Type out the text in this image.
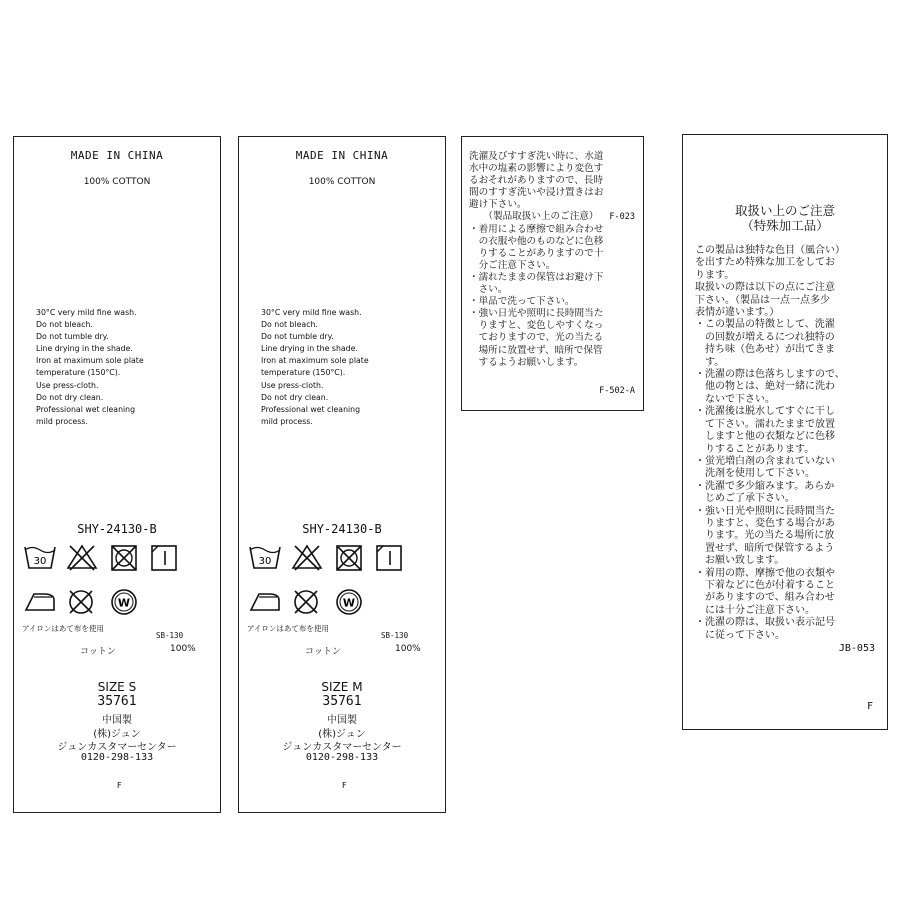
MADE IN CHINA
100% COTTON
30°C very mild fine wash.
Do not bleach.
Do not tumble dry.
Line drying in the shade.
Iron at maximum sole plate
temperature (150°C).
Use press-cloth.
Do not dry clean.
Professional wet cleaning
mild process.
SHY-24130-B
30
W
アイロンはあて布を使用
SB-130
コットン	100%
SIZE S
35761
中国製
(株)ジュン
ジュンカスタマーセンター
0120-298-133
F
MADE IN CHINA
100% COTTON
30°C very mild fine wash.
Do not bleach.
Do not tumble dry.
Line drying in the shade.
Iron at maximum sole plate
temperature (150°C).
Use press-cloth.
Do not dry clean.
Professional wet cleaning
mild process.
SHY-24130-B
30
W
アイロンはあて布を使用
SB-130
コットン	100%
SIZE M
35761
中国製
(株)ジュン
ジュンカスタマーセンター
0120-298-133
F
洗濯及びすすぎ洗い時に、水道
水中の塩素の影響により変色す
るおそれがありますので、長時
間のすすぎ洗いや浸け置きはお
避け下さい。
　　（製品取扱い上のご注意）
・着用による摩擦で組み合わせ
　の衣服や他のものなどに色移
　りすることがありますので十
　分ご注意下さい。
・濡れたままの保管はお避け下
　さい。
・単品で洗って下さい。
・強い日光や照明に長時間当た
　りますと、変色しやすくなっ
　ておりますので、光の当たる
　場所に放置せず、暗所で保管
　するようお願いします。
F-023
F-502-A
取扱い上のご注意
（特殊加工品）
この製品は独特な色目（風合い）
を出すため特殊な加工をしてお
ります。
取扱いの際は以下の点にご注意
下さい。（製品は一点一点多少
表情が違います。）
・この製品の特徴として、洗濯
　の回数が増えるにつれ独特の
　持ち味（色あせ）が出てきま
　す。
・洗濯の際は色落ちしますので、
　他の物とは、絶対一緒に洗わ
　ないで下さい。
・洗濯後は脱水してすぐに干し
　て下さい。濡れたままで放置
　しますと他の衣類などに色移
　りすることがあります。
・蛍光増白剤の含まれていない
　洗剤を使用して下さい。
・洗濯で多少縮みます。あらか
　じめご了承下さい。
・強い日光や照明に長時間当た
　りますと、変色する場合があ
　ります。光の当たる場所に放
　置せず、暗所で保管するよう
　お願い致します。
・着用の際、摩擦で他の衣類や
　下着などに色が付着すること
　がありますので、組み合わせ
　には十分ご注意下さい。
・洗濯の際は、取扱い表示記号
　に従って下さい。
JB-053
F
